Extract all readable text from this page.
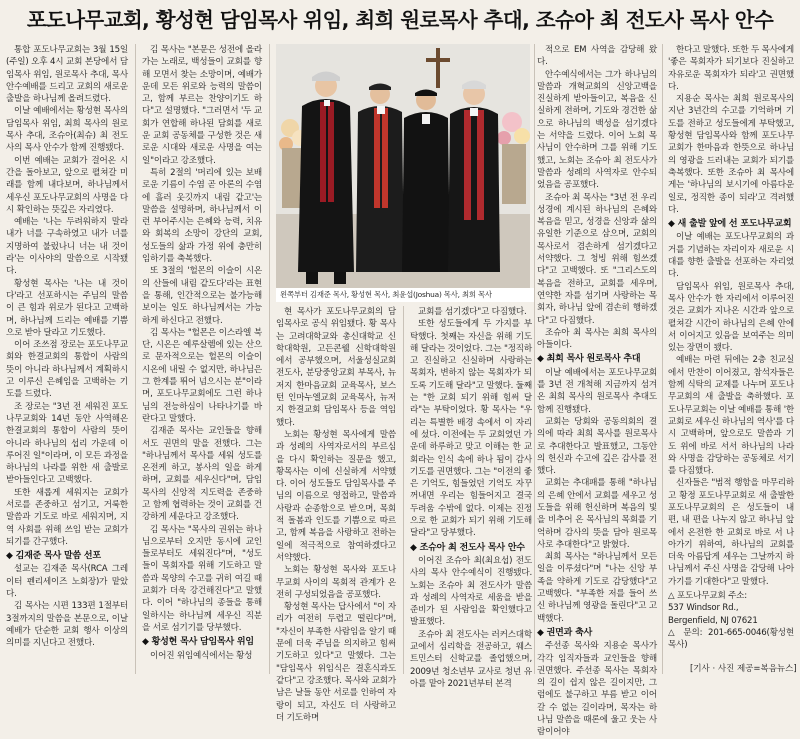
포도나무교회, 황성현 담임목사 위임, 최희 원로목사 추대, 조슈아 최 전도사 목사 안수

통합 포도나무교회는 3월 15일(주일) 오후 4시 교회 본당에서 담임목사 위임, 원로목사 추대, 목사 안수예배를 드리고 교회의 새로운 출발을 하나님께 올려드렸다.

이날 예배에서는 황성현 목사의 담임목사 위임, 최희 목사의 원로목사 추대, 조슈아(최슈) 최 전도사의 목사 안수가 함께 진행됐다.

이번 예배는 교회가 걸어온 시간을 돌아보고, 앞으로 펼쳐갈 미래를 함께 내다보며, 하나님께서 세우신 포도나무교회의 사명을 다시 확인하는 뜻깊은 자리였다.

예배는 '나는 두려워하지 말라 내가 너를 구속하였고 내가 너를 지명하여 불렀나니 너는 내 것이라'는 이사야의 말씀으로 시작됐다.

황성현 목사는 '나는 내 것이 다'라고 선포하시는 주님의 말씀이 큰 힘과 위로가 된다고 고백하며, 하나님께 드리는 예배를 기쁨으로 받아 달라고 기도했다.

이어 조쓰점 장로는 포도나무교회와 한결교회의 통합이 사람의 뜻이 아니라 하나님께서 계획하시고 이루신 은혜임을 고백하는 기도를 드렸다.

조 장로는 "3년 전 세워진 포도나무교회와 14년 동안 사역해온 한결교회의 통합이 사람의 뜻이 아니라 하나님의 섭리 가운데 이루어진 일"이라며, 이 모든 과정을 하나님의 나라를 위한 새 출발로 받아들인다고 고백했다.

또한 새롭게 세워지는 교회가 서로를 존중하고 섬기고, 거룩한 말씀과 기도로 바로 세워지며, 지역 사회를 위해 쓰임 받는 교회가 되기를 간구했다.

◆ 김재준 목사 말씀 선포

설교는 김재준 목사(RCA 그레이터 펜리세이즈 노회장)가 맡았다.

김 목사는 시편 133편 1절부터 3절까지의 말씀을 본문으로, 이날 예배가 단순한 교회 행사 이상의 의미를 지닌다고 전했다.

김 목사는 "본문은 성전에 올라가는 노래로, 백성들이 교회를 향해 모면서 찾는 소망이며, 예배가운데 모든 위로와 능력의 말씀이고, 함께 부르는 찬양이기도 하다"고 설명했다. "그러면서 '두 교회가 연합해 하나된 담회를 새로운 교회 공동체를 구성한 것은 새로운 시대와 새로운 사명을 여는 일"이라고 강조했다.

특히 2절의 '머리에 있는 보배로운 기름이 수염 곧 아론의 수염에 흘러 옷깃까지 내림 같고'는 말씀을 설명하며, 하나님께서 이런 부어주시는 은혜와 능력, 치유와 회복의 소망이 강단의 교회, 성도들의 삶과 가정 위에 충만히 임하기를 축복했다.

또 3절의 '헐몬의 이슬이 시온의 산들에 내림 같도다'라는 표현을 통해, 인간적으로는 불가능해 보이는 일도 하나님께서는 가능하게 하신다고 전했다.

김 목사는 "헐몬은 이스라엘 북단, 시온은 예루살렘에 있는 산으로 문자적으로는 헐몬의 이슬이 시온에 내릴 수 없지만, 하나님은 그 한계를 뛰어 넘으시는 분"이라며, 포도나무교회에도 그런 하나님의 전능하심이 나타나기를 바란다고 말했다.

김재준 목사는 교인들을 향해서도 권면의 말을 전했다. 그는 "하나님께서 목사를 세워 성도를 온전케 하고, 봉사의 일을 하게 하며, 교회를 세우신다"며, 담임목사의 신앙적 지도력을 존중하고 함께 협력하는 것이 교회를 건강하게 세운다고 강조했다.

김 목사는 "목사의 권위는 하나님으로부터 오지만 동시에 교인들로부터도 세워진다"며, "성도들이 목회자를 위해 기도하고 말씀과 목양의 수고를 귀히 여길 때 교회가 더욱 강건해진다"고 말했다. 이어 "하나님의 종들을 통해 일하시는 하나님께 세우신 직분을 서로 섬기기를 당부했다.

◆ 황성현 목사 담임목사 위임

이어진 위임예식에서는 황성

왼쪽부터 김재준 목사, 황성현 목사, 최윤섭(Joshua) 목사, 최희 목사

현 목사가 포도나무교회의 담임목사로 공식 위임됐다. 황 목사는 고려대학교와 총신대학교 신학대학원, 고든콘웰 신학대학원에서 공부했으며, 서울성실교회 전도사, 분당중앙교회 부목사, 뉴저지 한마음교회 교육목사, 보스턴 인마누엘교회 교육목사, 뉴저지 한결교회 담임목사 등을 역임했다.

노회는 황성현 목사에게 말씀과 성례의 사역자로서의 부르심을 다시 확인하는 질문을 했고, 황목사는 이에 신실하게 서약했다. 이어 성도들도 담임목사를 주님의 이름으로 영접하고, 말씀과 사랑과 순종함으로 받으며, 목회적 돌봄과 인도를 기쁨으로 따르고, 함께 복음을 사랑하고 전하는 일에 적극적으로 참여하겠다고 서약했다.

노회는 황성현 목사와 포도나무교회 사이의 목회적 관계가 온전히 구성되었음을 공포했다.

황성현 목사는 답사에서 "이 자리가 여전히 두렵고 떨린다"며, "자신이 부족한 사람임을 알기 때문에 더욱 주님을 의지하고 힘써 기도하고 있다"고 말했다. 그는 "담임목사 위임식은 결혼식과도 같다"고 강조했다. 목사와 교회가 남은 날들 동안 서로를 인하여 자랑이 되고, 자신도 더 사랑하고 더 기도하며

교회를 섬기겠다"고 다짐했다.

또한 성도들에게 두 가지를 부탁했다. 첫째는 자신을 위해 기도해 달라는 것이었다. 그는 "정직하고 진실하고 신실하며 사랑하는 목회자, 변하지 않는 목회자가 되도록 기도해 달라"고 말했다. 둘째는 "한 교회 되기 위해 힘써 달라"는 부탁이었다. 황 목사는 "우리는 특별한 배경 속에서 이 자리에 섰다. 이전에는 두 교회였던 가운데 하루하고 맞고 이해는 한 교회라는 인식 속에 하나 됨이 감사 기도를 권면했다. 그는 "이전의 좋은 기억도, 힘들었던 기억도 자꾸 꺼내면 우리는 힘들어지고 결국 두려움 수밖에 없다. 이제는 진정으로 한 교회가 되기 위해 기도해 달라"고 당부했다.

◆ 조슈아 최 전도사 목사 안수

이어진 조슈아 최(최요섭) 전도사의 목사 안수예식이 진행됐다. 노회는 조슈아 최 전도사가 말씀과 성례의 사역자로 세움을 받을 준비가 된 사람임을 확인했다고 발표했다.

조슈아 최 전도사는 러커스대학교에서 심리학을 전공하고, 웨스트민스터 신학교를 졸업했으며, 2009년 청소년부 교사로 청년 유아를 맡아 2021년부터 본격

적으로 EM 사역을 감당해 왔다.

안수예식에서는 그가 하나님의 말씀과 개혁교회의 신앙고백을 진실하게 받아들이고, 복음을 신실하게 전하며, 기도와 경건한 삶으로 하나님의 백성을 섬기겠다는 서약을 드렸다. 이어 노회 목사님이 안수하며 그를 위해 기도했고, 노회는 조슈아 최 전도사가 말씀과 성례의 사역자로 안수되었음을 공포했다.

조슈아 최 목사는 "3년 전 우리 성경에 계시된 하나님의 은혜와 복음을 믿고, 성경을 신앙과 삶의 유일한 기준으로 삼으며, 교회의 목사로서 겸손하게 섬기겠다고 서약했다. 그 청빙 위해 힘쓰겠다"고 고백했다. 또 "그리스도의 복음을 전하고, 교회를 세우며, 연약한 자를 섬기며 사랑하는 목회자, 하나님 앞에 겸손히 행하겠다"고 다짐했다.

조슈아 최 목사는 최희 목사의 아들이다.

◆ 최희 목사 원로목사 추대

이날 예배에서는 포도나무교회를 3년 전 개척해 지금까지 섬겨온 최희 목사의 원로목사 추대도 함께 진행됐다.

교회는 당회와 공동의회의 결의에 따라 최희 목사를 원로목사로 추대한다고 발표했고, 그동안의 헌신과 수고에 깊은 감사를 전했다.

교회는 추대패를 통해 "하나님의 은혜 안에서 교회를 세우고 성도들을 위해 헌신하며 복음의 빛을 비추어 온 목사님의 목회를 기억하며 감사의 뜻을 담아 원로목사로 추대한다"고 밝혔다.

최희 목사는 "하나님께서 모든 일을 이루셨다"며 "나는 신앙 부족을 약하게 기도로 감당했다"고 고백했다. "부족한 저를 들어 쓰신 하나님께 영광을 돌린다"고 고백했다.

◆ 권면과 축사

주선종 목사와 지용순 목사가 각각 임직자들과 교인들을 향해 권면했다. 주선종 목사는 목회자의 길이 쉽지 않은 길이지만, 그럼에도 불구하고 부름 받고 이어 갈 수 없는 길이라며, 목자는 하나님 말씀을 때론에 울고 웃는 사람이어야

한다고 말했다. 또한 두 목사에게 '좋은 목회자가 되기보다 진실하고 자유로운 목회자가 되라'고 권면했다.

지용순 목사는 최희 원로목사의 지난 3년간의 수고를 기억하며 기도를 전하고 성도들에게 부탁했고, 황성현 담임목사와 함께 포도나무교회가 한마음과 한뜻으로 하나님의 영광을 드러내는 교회가 되기를 축복했다. 또한 조슈아 최 목사에게는 '하나님의 보시기에 아름다운 일로, 정직한 종이 되라'고 격려했다.

◆ 새 출발 앞에 선 포도나무교회

이날 예배는 포도나무교회의 과거를 기념하는 자리이자 새로운 시대를 향한 출발을 선포하는 자리였다.

담임목사 위임, 원로목사 추대, 목사 안수가 한 자리에서 이루어진 것은 교회가 지나온 시간과 앞으로 펼쳐갈 시간이 하나님의 은혜 안에서 이어지고 있음을 보여주는 의미 있는 장면이 됐다.

예배는 마련 뒤에는 2층 친교실에서 만찬이 이어졌고, 참석자들은 함께 식탁의 교제를 나누며 포도나무교회의 새 출발을 축하했다. 포도나무교회는 이날 예배를 통해 '한 교회로 세우신 하나님의 역사'를 다시 고백하며, 앞으로도 말씀과 기도 위에 바로 서서 하나님의 나라와 사명을 감당하는 공동체로 서기를 다짐했다.

신자들은 "범적 행함을 마무리하고 황정 포도나무교회로 새 출발한 포도나무교회의 은 성도들이 내 편, 내 편을 나누지 않고 하나님 앞에서 온전한 한 교회로 바로 서 나아가기 위하여, 하나님의 교회를 더욱 아름답게 세우는 그날까지 하나님께서 주신 사명을 감당해 나아가기를 기대한다"고 말했다.

△ 포도나무교회 주소:
537 Windsor Rd.,
Bergenfield, NJ 07621
△ 문의: 201-665-0046(황성현 목사)
[기사 · 사진 제공=복음뉴스]
